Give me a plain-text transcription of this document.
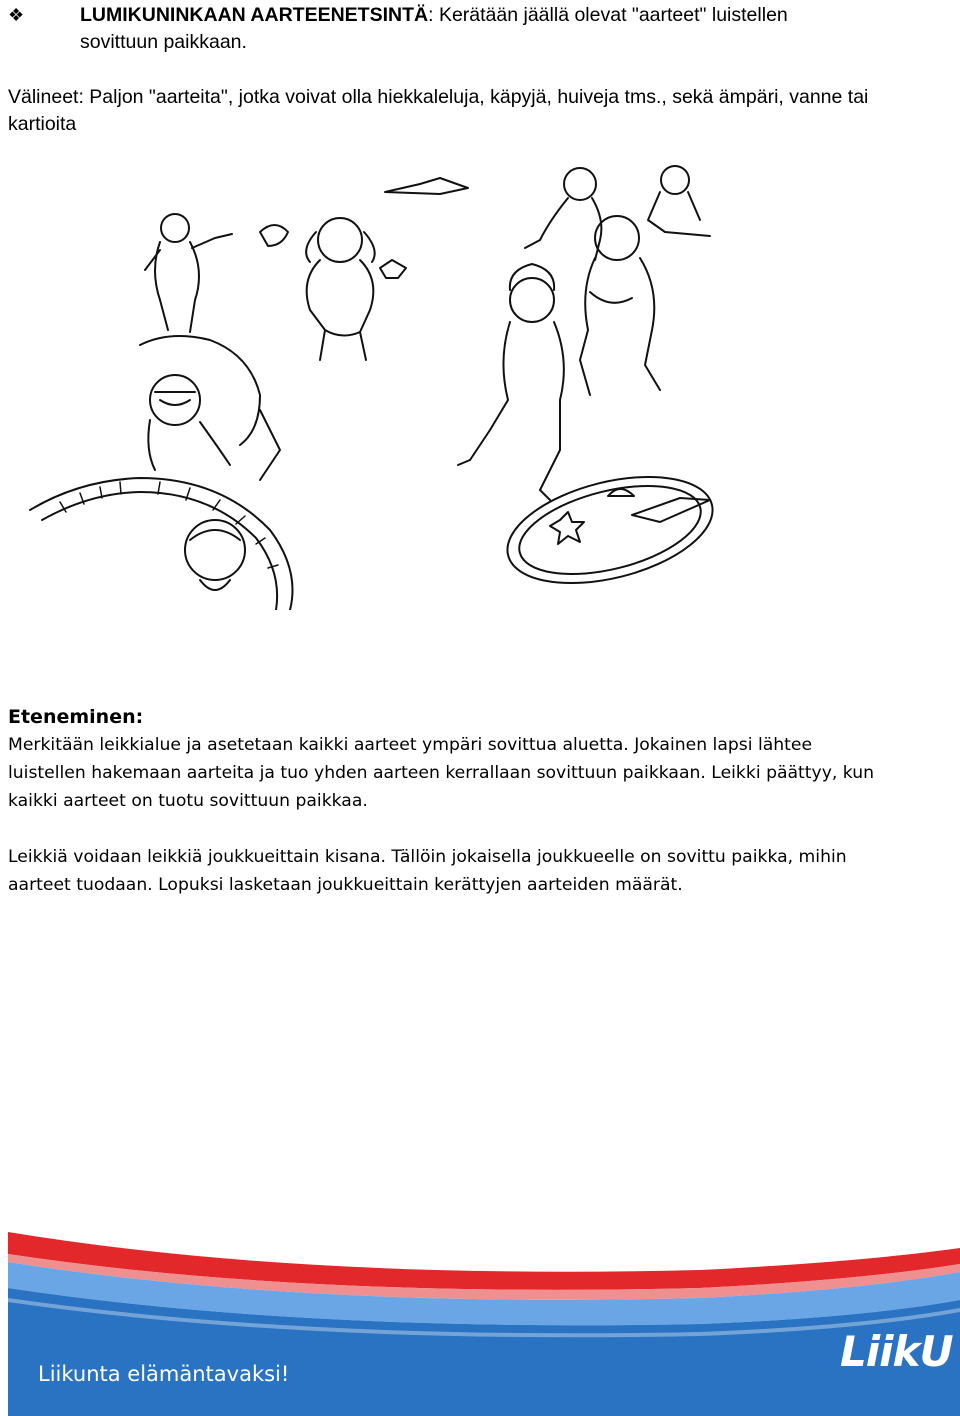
❖	LUMIKUNINKAAN AARTEENETSINTÄ: Kerätään jäällä olevat "aarteet" luistellen
sovittuun paikkaan.
Välineet: Paljon "aarteita", jotka voivat olla hiekkaleluja, käpyjä, huiveja tms., sekä ämpäri, vanne tai
kartioita
Eteneminen:

Merkitään leikkialue ja asetetaan kaikki aarteet ympäri sovittua aluetta. Jokainen lapsi lähtee

luistellen hakemaan aarteita ja tuo yhden aarteen kerrallaan sovittuun paikkaan. Leikki päättyy, kun

kaikki aarteet on tuotu sovittuun paikkaa.

Leikkiä voidaan leikkiä joukkueittain kisana. Tällöin jokaisella joukkueelle on sovittu paikka, mihin

aarteet tuodaan. Lopuksi lasketaan joukkueittain kerättyjen aarteiden määrät.

Liikunta elämäntavaksi!	LiikU
